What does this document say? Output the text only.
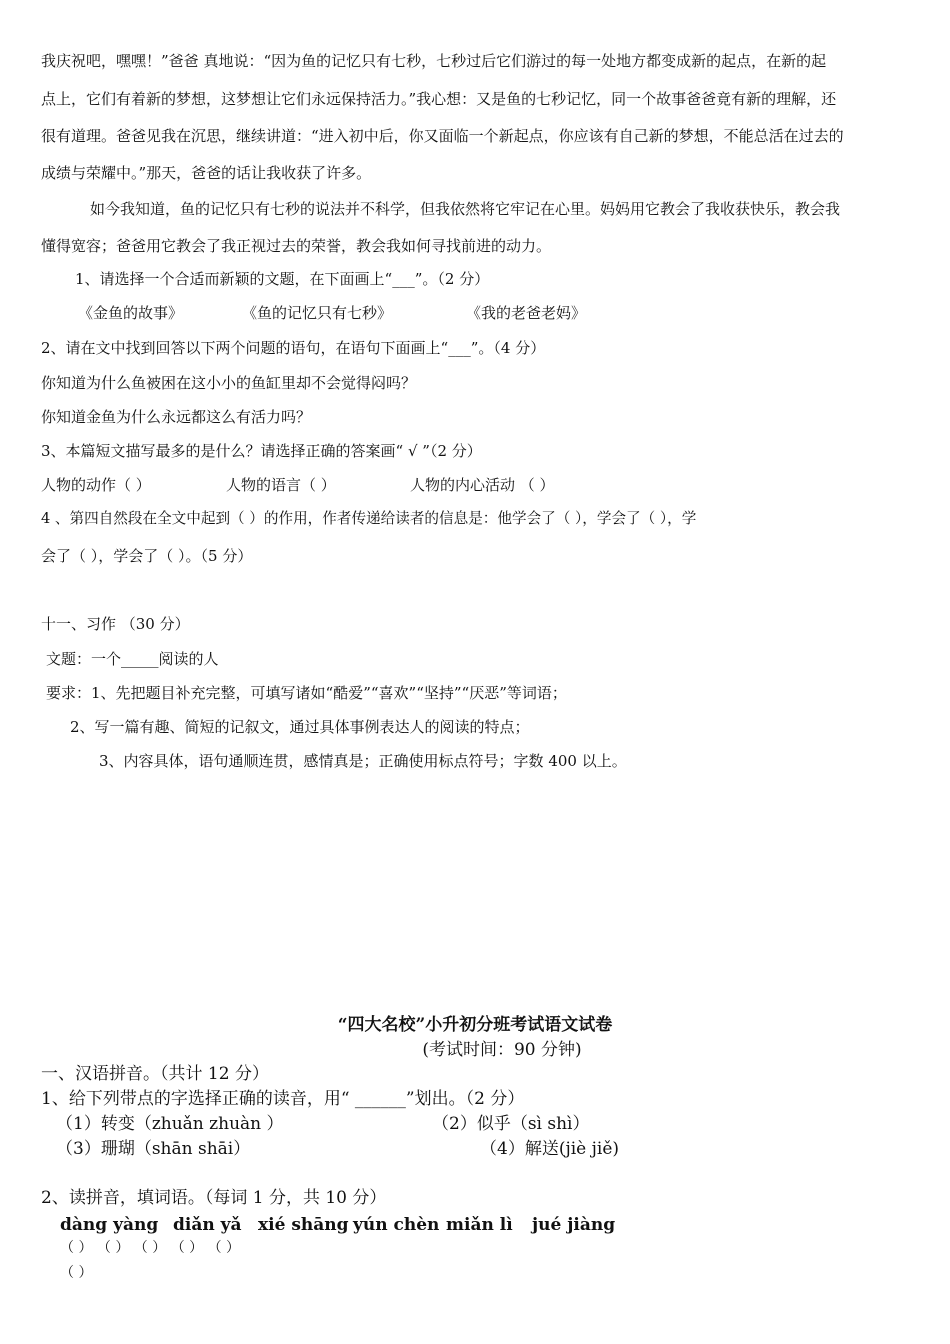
我庆祝吧，嘿嘿！”爸爸 真地说：“因为鱼的记忆只有七秒，七秒过后它们游过的每一处地方都变成新的起点，在新的起
点上，它们有着新的梦想，这梦想让它们永远保持活力。”我心想：又是鱼的七秒记忆，同一个故事爸爸竟有新的理解，还
很有道理。爸爸见我在沉思，继续讲道：“进入初中后，你又面临一个新起点，你应该有自己新的梦想，不能总活在过去的
成绩与荣耀中。”那天，爸爸的话让我收获了许多。
如今我知道，鱼的记忆只有七秒的说法并不科学，但我依然将它牢记在心里。妈妈用它教会了我收获快乐，教会我
懂得宽容；爸爸用它教会了我正视过去的荣誉，教会我如何寻找前进的动力。
1、请选择一个合适而新颖的文题，在下面画上“___”。（2 分）
《金鱼的故事》	《鱼的记忆只有七秒》	《我的老爸老妈》
2、请在文中找到回答以下两个问题的语句，在语句下面画上“___”。（4 分）
你知道为什么鱼被困在这小小的鱼缸里却不会觉得闷吗？
你知道金鱼为什么永远都这么有活力吗？
3、本篇短文描写最多的是什么？请选择正确的答案画“ √ ”（2 分）
人物的动作（ ）	人物的语言（ ）	人物的内心活动 （ ）
4 、第四自然段在全文中起到（ ）的作用，作者传递给读者的信息是：他学会了（ ），学会了（ ），学
会了（ ），学会了（ ）。（5 分）
十一、习作 （30 分）
文题：一个_____阅读的人
要求：1、先把题目补充完整，可填写诸如“酷爱”“喜欢”“坚持”“厌恶”等词语；
2、写一篇有趣、简短的记叙文，通过具体事例表达人的阅读的特点；
3、内容具体，语句通顺连贯，感情真是；正确使用标点符号；字数 400 以上。
“四大名校”小升初分班考试语文试卷
(考试时间：90 分钟)
一、汉语拼音。（共计 12 分）
1、给下列带点的字选择正确的读音，用“ ______”划出。（2 分）
（1）转变（zhuǎn zhuàn ）	（2）似乎（sì shì）
（3）珊瑚（shān shāi）	（4）解送(jiè jiě)
2、读拼音，填词语。（每词 1 分，共 10 分）
dàng yàng diǎn yǎ xié shāng yún chèn miǎn lì jué jiàng
（ ） （ ） （ ） （ ） （ ）
（ ）
